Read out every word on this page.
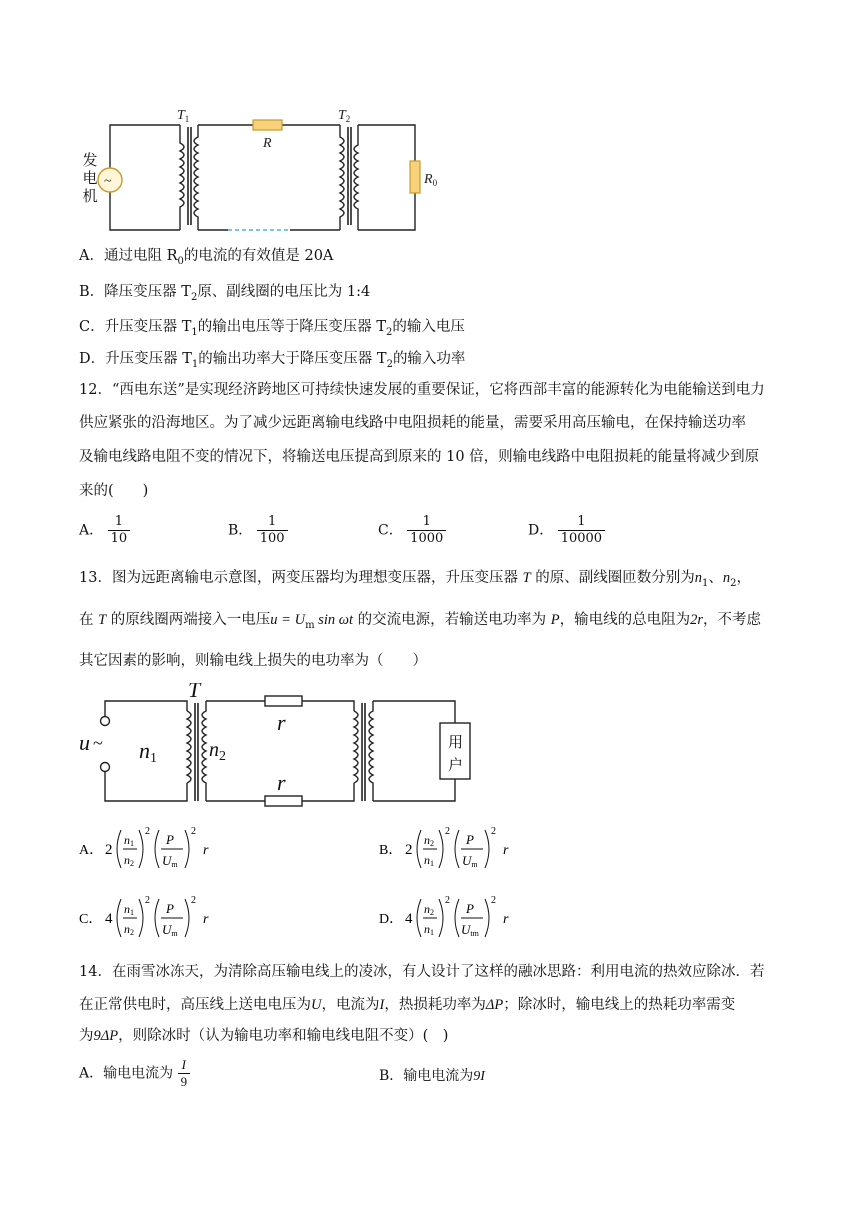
~
R
$T_1$	$T_2$
$R_0$
发
电
机
A．通过电阻 $R_0$的电流的有效值是 20A
B．降压变压器 $T_2$原、副线圈的电压比为 1:4
C．升压变压器 $T_1$的输出电压等于降压变压器 $T_2$的输入电压
D．升压变压器 $T_1$的输出功率大于降压变压器 $T_2$的输入功率
12．“西电东送”是实现经济跨地区可持续快速发展的重要保证，它将西部丰富的能源转化为电能输送到电力
供应紧张的沿海地区。为了减少远距离输电线路中电阻损耗的能量，需要采用高压输电，在保持输送功率
及输电线路电阻不变的情况下，将输送电压提高到原来的 10 倍，则输电线路中电阻损耗的能量将减少到原
来的(　　)
A． $\frac{1}{10}$	B． $\frac{1}{100}$	C． $\frac{1}{1000}$	D． $\frac{1}{10000}$
13．图为远距离输电示意图，两变压器均为理想变压器，升压变压器 T 的原、副线圈匝数分别为$n_1$、$n_2$，
在 T 的原线圈两端接入一电压$u = U_m$ sin ωt 的交流电源，若输送电功率为 P，输电线的总电阻为2r，不考虑
其它因素的影响，则输电线上损失的电功率为（　　）
u ~ n1	$n_2$
T
r
r
用
户
A． 2
n1
n2
2
P
Um
2
r	B． 2
n2
n1
2
P
Um
2
r
C． 4
n1
n2
2
P
Um
2
r	D． 4
n2
n1
2
P
Utm
2
r
14．在雨雪冰冻天，为清除高压输电线上的凌冰，有人设计了这样的融冰思路：利用电流的热效应除冰．若
在正常供电时，高压线上送电电压为U，电流为I，热损耗功率为ΔP；除冰时，输电线上的热耗功率需变
为9ΔP，则除冰时（认为输电功率和输电线电阻不变）(　)
A．输电电流为 $\frac{I}{9}$	B．输电电流为9I
